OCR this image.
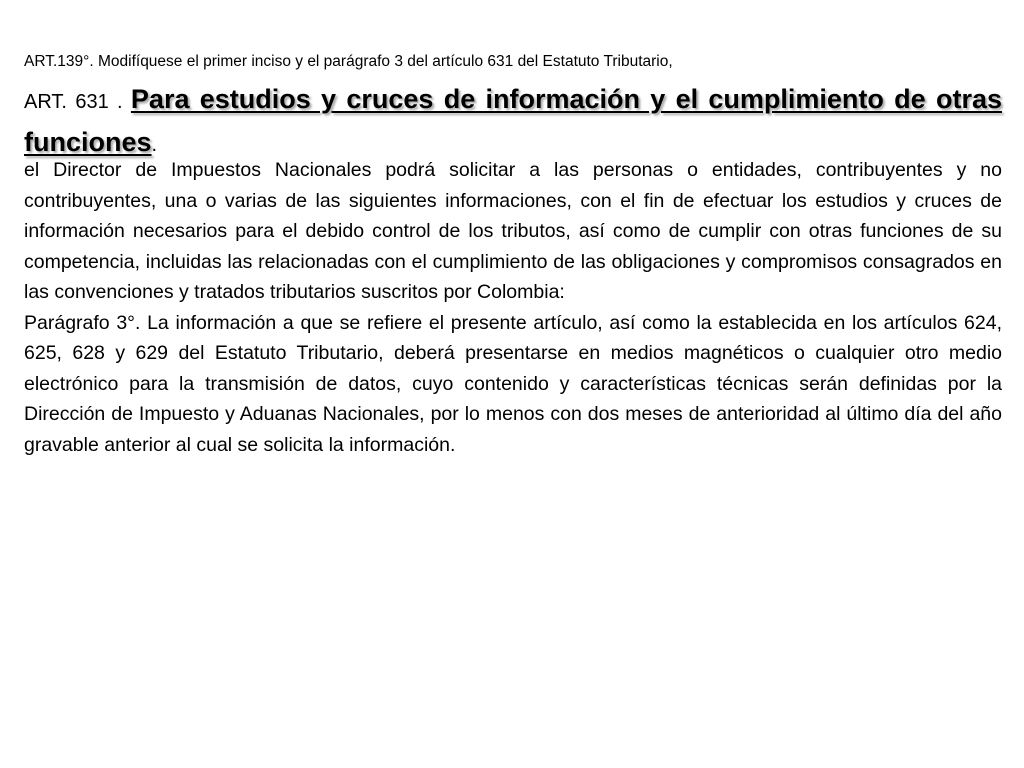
ART.139°. Modifíquese el primer inciso y el parágrafo 3 del artículo 631 del Estatuto Tributario,
ART. 631 . Para estudios y cruces de información y el cumplimiento de otras funciones.

el Director de Impuestos Nacionales podrá solicitar a las personas o entidades, contribuyentes y no contribuyentes, una o varias de las siguientes informaciones, con el fin de efectuar los estudios y cruces de información necesarios para el debido control de los tributos, así como de cumplir con otras funciones de su competencia, incluidas las relacionadas con el cumplimiento de las obligaciones y compromisos consagrados en las convenciones y tratados tributarios suscritos por Colombia:

Parágrafo 3°. La información a que se refiere el presente artículo, así como la establecida en los artículos 624, 625, 628 y 629 del Estatuto Tributario, deberá presentarse en medios magnéticos o cualquier otro medio electrónico para la transmisión de datos, cuyo contenido y características técnicas serán definidas por la Dirección de Impuesto y Aduanas Nacionales, por lo menos con dos meses de anterioridad al último día del año gravable anterior al cual se solicita la información.
